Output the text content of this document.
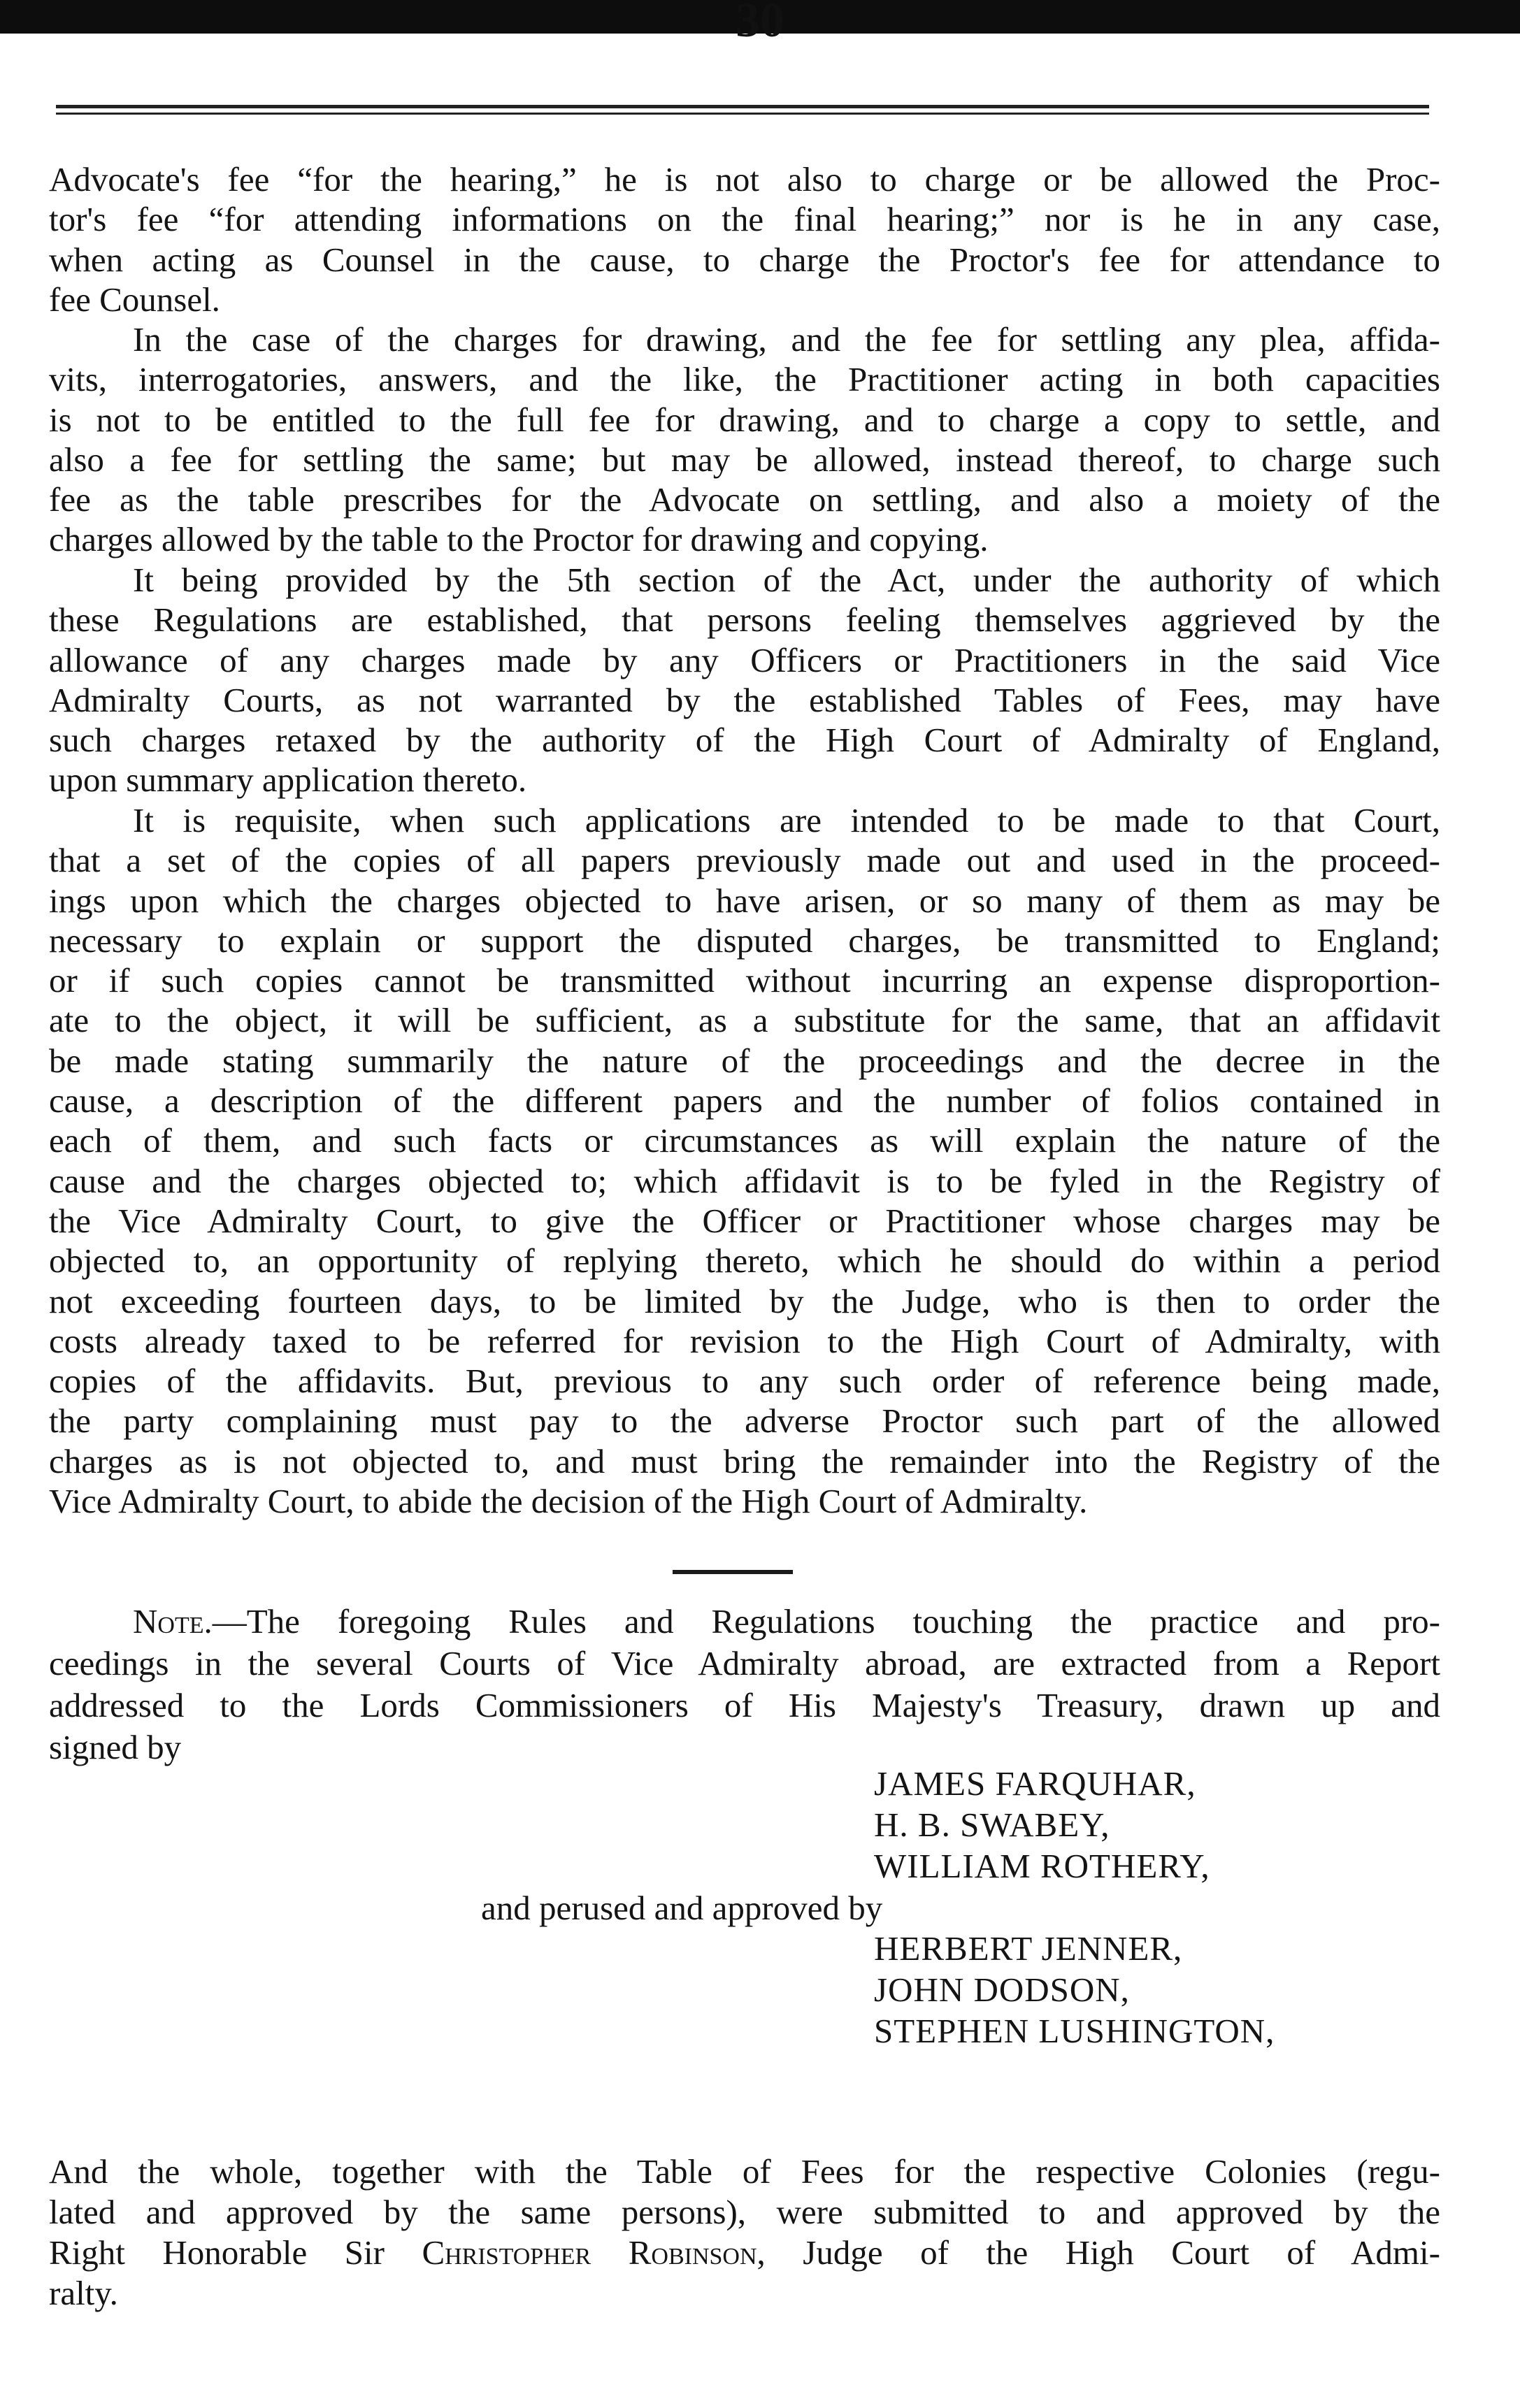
30
Advocate's fee “for the hearing,” he is not also to charge or be allowed the Proc-
tor's fee “for attending informations on the final hearing;” nor is he in any case,
when acting as Counsel in the cause, to charge the Proctor's fee for attendance to
fee Counsel.
In the case of the charges for drawing, and the fee for settling any plea, affida-
vits, interrogatories, answers, and the like, the Practitioner acting in both capacities
is not to be entitled to the full fee for drawing, and to charge a copy to settle, and
also a fee for settling the same; but may be allowed, instead thereof, to charge such
fee as the table prescribes for the Advocate on settling, and also a moiety of the
charges allowed by the table to the Proctor for drawing and copying.
It being provided by the 5th section of the Act, under the authority of which
these Regulations are established, that persons feeling themselves aggrieved by the
allowance of any charges made by any Officers or Practitioners in the said Vice
Admiralty Courts, as not warranted by the established Tables of Fees, may have
such charges retaxed by the authority of the High Court of Admiralty of England,
upon summary application thereto.
It is requisite, when such applications are intended to be made to that Court,
that a set of the copies of all papers previously made out and used in the proceed-
ings upon which the charges objected to have arisen, or so many of them as may be
necessary to explain or support the disputed charges, be transmitted to England;
or if such copies cannot be transmitted without incurring an expense disproportion-
ate to the object, it will be sufficient, as a substitute for the same, that an affidavit
be made stating summarily the nature of the proceedings and the decree in the
cause, a description of the different papers and the number of folios contained in
each of them, and such facts or circumstances as will explain the nature of the
cause and the charges objected to; which affidavit is to be fyled in the Registry of
the Vice Admiralty Court, to give the Officer or Practitioner whose charges may be
objected to, an opportunity of replying thereto, which he should do within a period
not exceeding fourteen days, to be limited by the Judge, who is then to order the
costs already taxed to be referred for revision to the High Court of Admiralty, with
copies of the affidavits. But, previous to any such order of reference being made,
the party complaining must pay to the adverse Proctor such part of the allowed
charges as is not objected to, and must bring the remainder into the Registry of the
Vice Admiralty Court, to abide the decision of the High Court of Admiralty.
Note.—The foregoing Rules and Regulations touching the practice and pro-
ceedings in the several Courts of Vice Admiralty abroad, are extracted from a Report
addressed to the Lords Commissioners of His Majesty's Treasury, drawn up and
signed by
JAMES FARQUHAR,
H. B. SWABEY,
WILLIAM ROTHERY,
and perused and approved by
HERBERT JENNER,
JOHN DODSON,
STEPHEN LUSHINGTON,
And the whole, together with the Table of Fees for the respective Colonies (regu-
lated and approved by the same persons), were submitted to and approved by the
Right Honorable Sir Christopher Robinson, Judge of the High Court of Admi-
ralty.
